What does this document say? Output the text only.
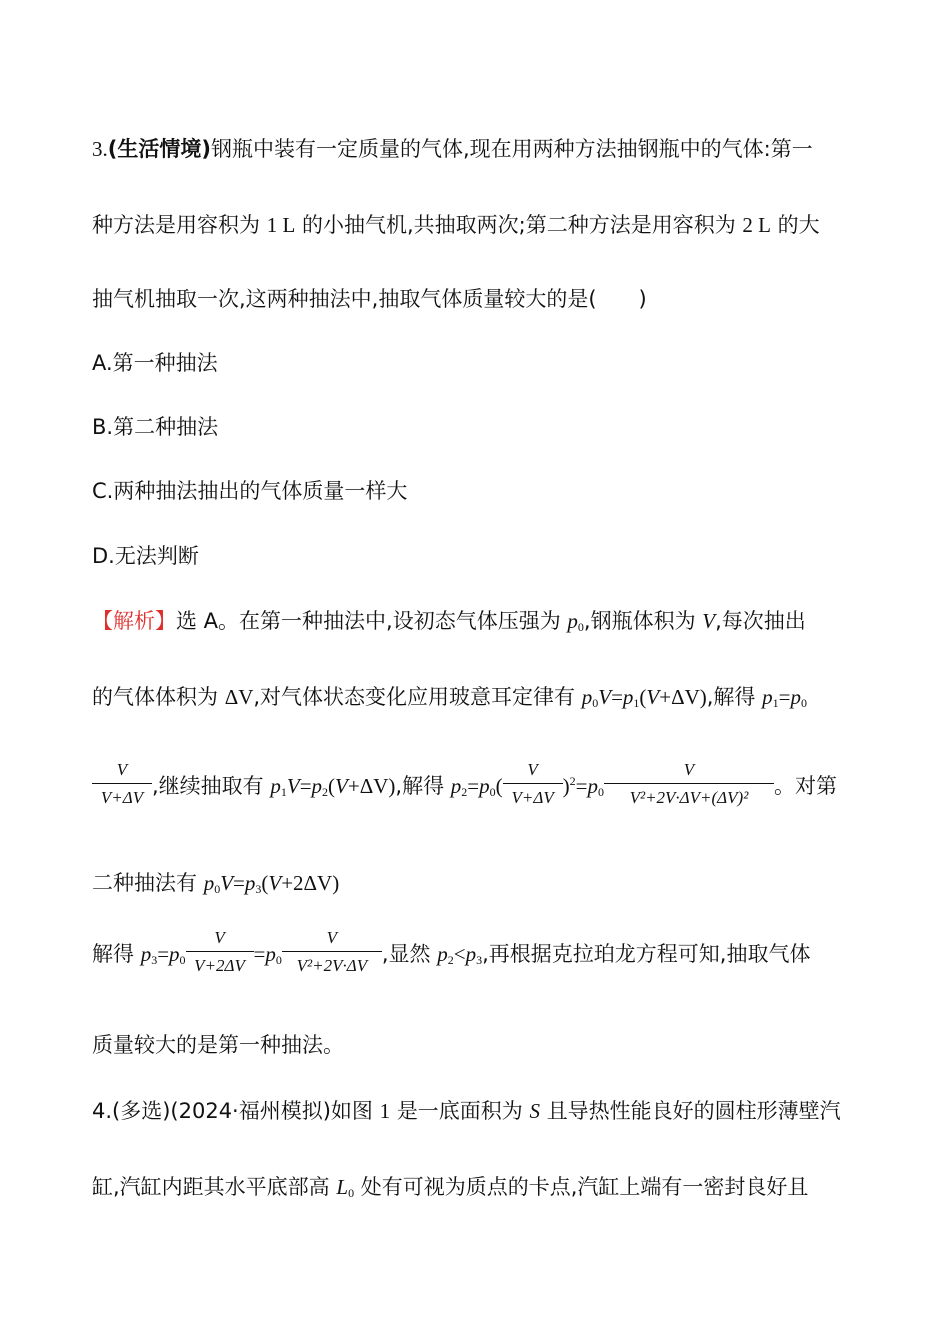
3.(生活情境)钢瓶中装有一定质量的气体,现在用两种方法抽钢瓶中的气体:第一
种方法是用容积为 1 L 的小抽气机,共抽取两次;第二种方法是用容积为 2 L 的大
抽气机抽取一次,这两种抽法中,抽取气体质量较大的是(　　)
A.第一种抽法
B.第二种抽法
C.两种抽法抽出的气体质量一样大
D.无法判断
【解析】选 A。在第一种抽法中,设初态气体压强为 $p_0$,钢瓶体积为 V,每次抽出
的气体体积为 ΔV,对气体状态变化应用玻意耳定律有 $p_0V=p_1(V+\Delta V)$,解得 $p_1=p_0$
$\frac{V}{V+\Delta V}$ ,继续抽取有 $p_1V=p_2(V+\Delta V)$,解得 $p_2=p_0( \frac{V}{V+\Delta V} )^2=p_0 \frac{V}{\text{V²+2V·ΔV+(ΔV)²}}$ 。对第
二种抽法有 $p_0V=p_3(V+2\Delta V)$
解得 $p_3=p_0 \frac{V}{V+2\Delta V} =p_0 \frac{V}{\text{V²+2V·ΔV}}$ ,显然 $p_2<p_3$,再根据克拉珀龙方程可知,抽取气体
质量较大的是第一种抽法。
4.(多选)(2024·福州模拟)如图 1 是一底面积为 S 且导热性能良好的圆柱形薄壁汽
缸,汽缸内距其水平底部高 $L_0$ 处有可视为质点的卡点,汽缸上端有一密封良好且
